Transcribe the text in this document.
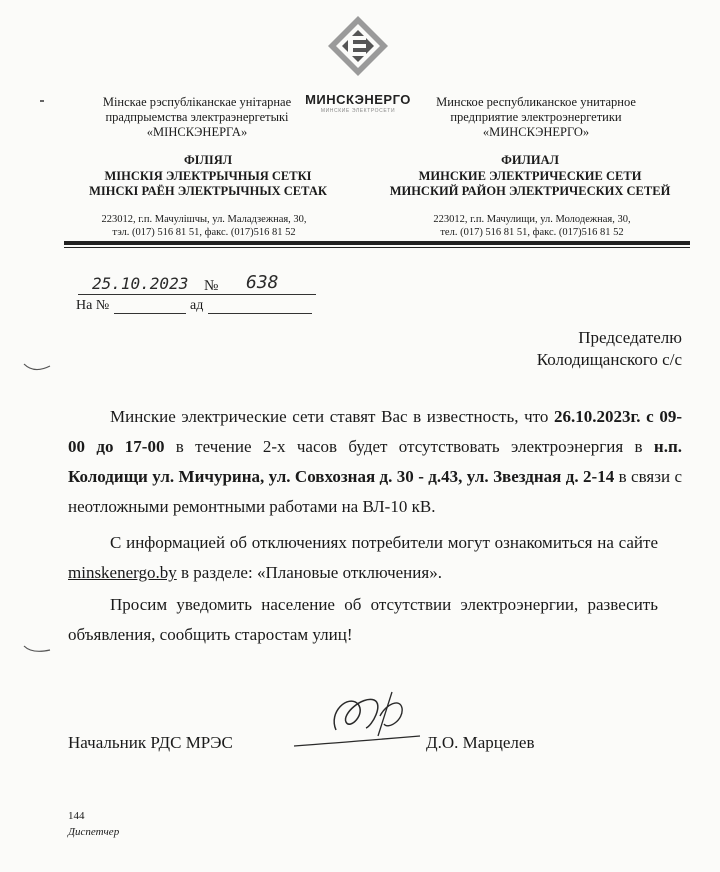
МИНСКЭНЕРГО
МИНСКИЕ ЭЛЕКТРОСЕТИ
Мінскае рэспубліканскае унітарнае
прадпрыемства электраэнергетыкі
«МІНСКЭНЕРГА»
Минское республиканское унитарное
предприятие электроэнергетики
«МИНСКЭНЕРГО»
ФІЛІЯЛ
МІНСКІЯ ЭЛЕКТРЫЧНЫЯ СЕТКІ
МІНСКІ РАЁН ЭЛЕКТРЫЧНЫХ СЕТАК
ФИЛИАЛ
МИНСКИЕ ЭЛЕКТРИЧЕСКИЕ СЕТИ
МИНСКИЙ РАЙОН ЭЛЕКТРИЧЕСКИХ СЕТЕЙ
223012, г.п. Мачулішчы, ул. Маладзежная, 30,
тэл. (017) 516 81 51, факс. (017)516 81 52
223012, г.п. Мачулищи, ул. Молодежная, 30,
тел. (017) 516 81 51, факс. (017)516 81 52
25.10.2023 № 638
На №	ад
Председателю
Колодищанского с/с

Минские электрические сети ставят Вас в известность, что 26.10.2023г. с 09-00 до 17-00 в течение 2-х часов будет отсутствовать электроэнергия в н.п. Колодищи ул. Мичурина, ул. Совхозная д. 30 - д.43, ул. Звездная д. 2-14 в связи с неотложными ремонтными работами на ВЛ-10 кВ.

С информацией об отключениях потребители могут ознакомиться на сайте minskenergo.by в разделе: «Плановые отключения».

Просим уведомить население об отсутствии электроэнергии, развесить объявления, сообщить старостам улиц!

Начальник РДС МРЭС	Д.О. Марцелев
144
Диспетчер
